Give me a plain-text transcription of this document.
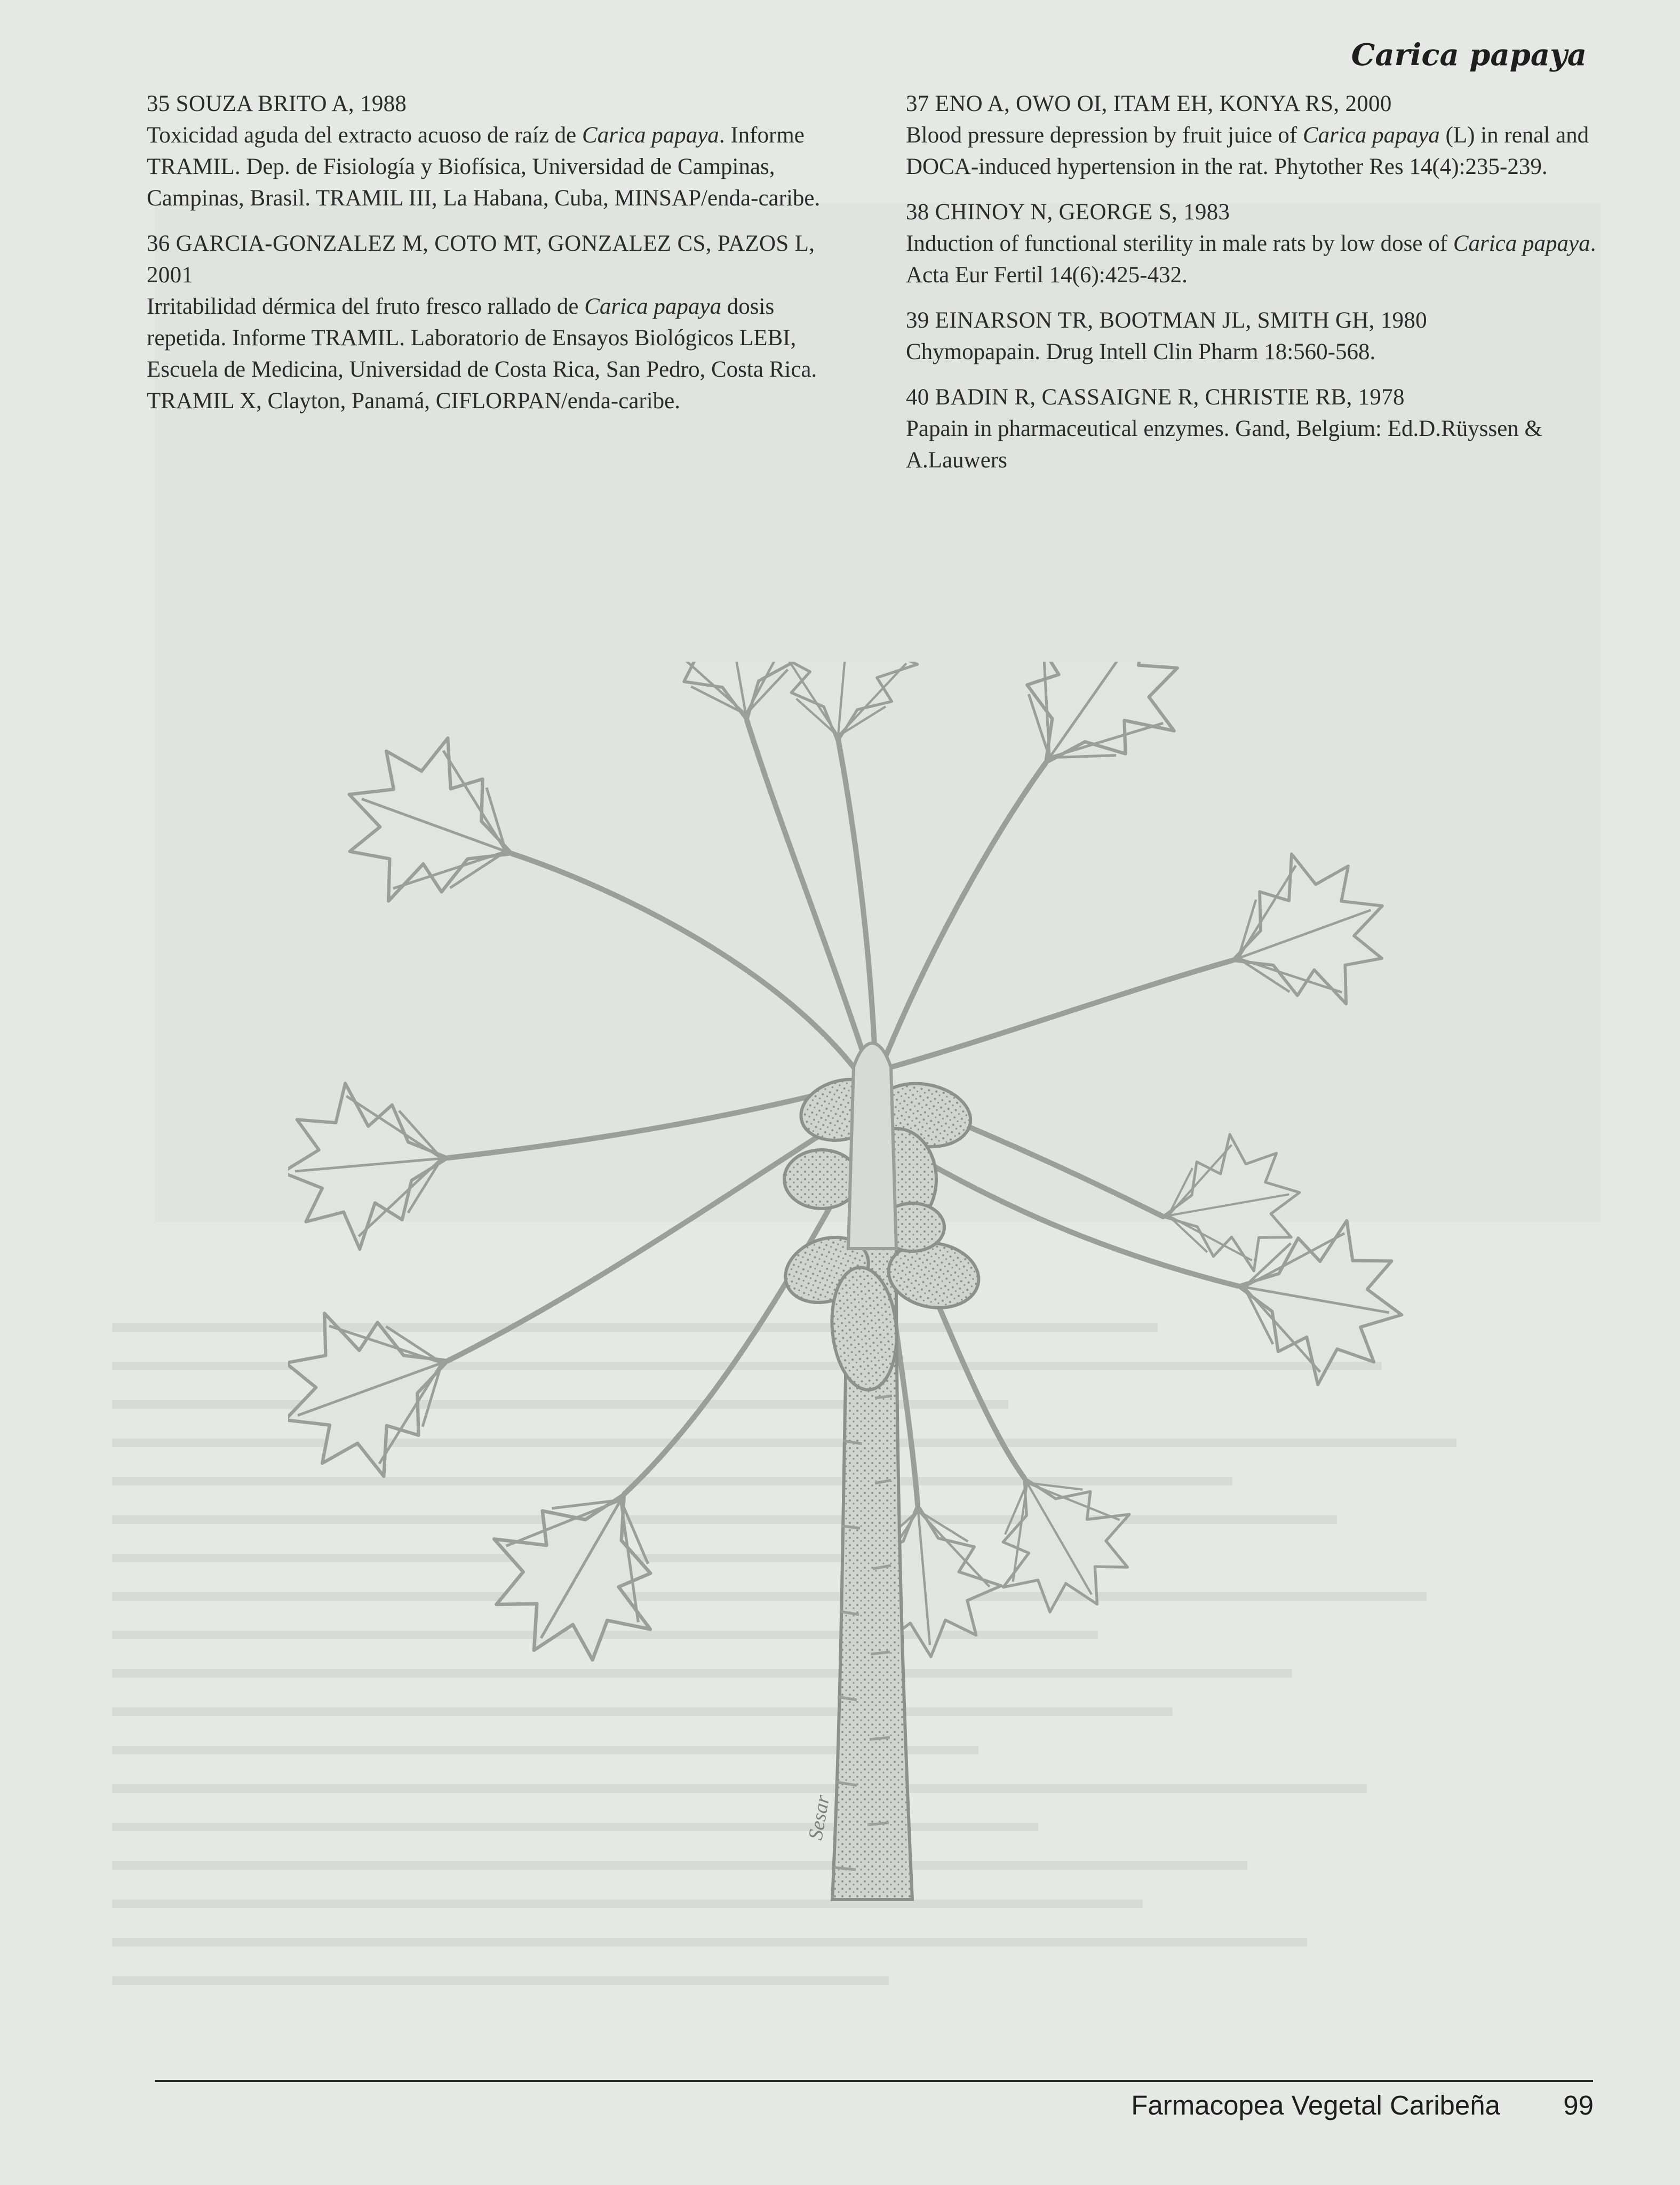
Carica papaya
35 SOUZA BRITO A, 1988
Toxicidad aguda del extracto acuoso de raíz de Carica papaya. Informe TRAMIL. Dep. de Fisiología y Biofísica, Universidad de Campinas, Campinas, Brasil. TRAMIL III, La Habana, Cuba, MINSAP/enda-caribe.
36 GARCIA-GONZALEZ M, COTO MT, GONZALEZ CS, PAZOS L, 2001
Irritabilidad dérmica del fruto fresco rallado de Carica papaya dosis repetida. Informe TRAMIL. Laboratorio de Ensayos Biológicos LEBI, Escuela de Medicina, Universidad de Costa Rica, San Pedro, Costa Rica. TRAMIL X, Clayton, Panamá, CIFLORPAN/enda-caribe.
37 ENO A, OWO OI, ITAM EH, KONYA RS, 2000
Blood pressure depression by fruit juice of Carica papaya (L) in renal and DOCA-induced hypertension in the rat. Phytother Res 14(4):235-239.
38 CHINOY N, GEORGE S, 1983
Induction of functional sterility in male rats by low dose of Carica papaya. Acta Eur Fertil 14(6):425-432.
39 EINARSON TR, BOOTMAN JL, SMITH GH, 1980
Chymopapain. Drug Intell Clin Pharm 18:560-568.
40 BADIN R, CASSAIGNE R, CHRISTIE RB, 1978
Papain in pharmaceutical enzymes. Gand, Belgium: Ed.D.Rüyssen & A.Lauwers
Sesar
Farmacopea Vegetal Caribeña 99
